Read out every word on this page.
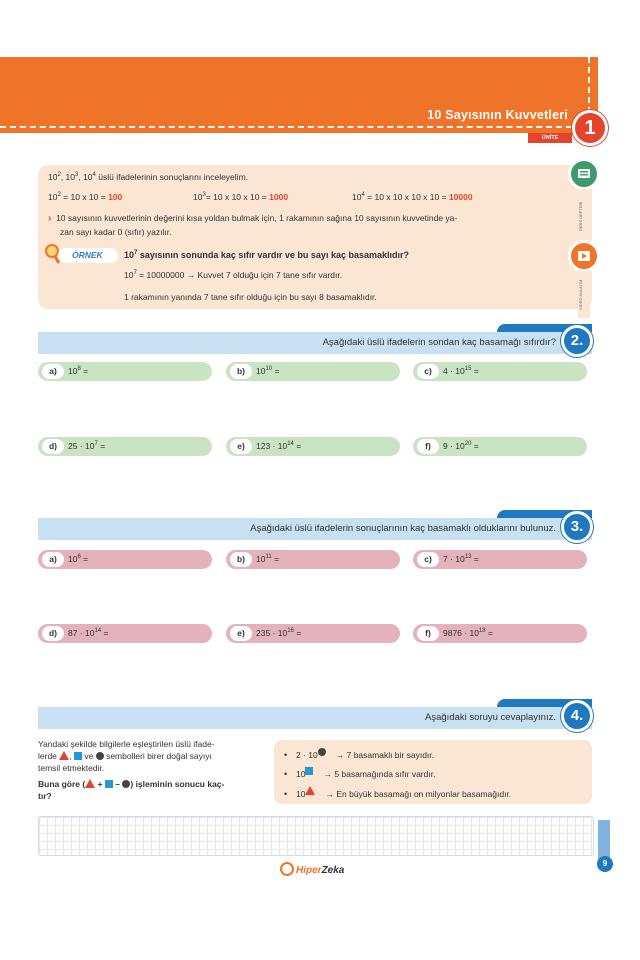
10 Sayısının Kuvvetleri
ÜNİTE	1
$10^2$, $10^3$, $10^4$ üslü ifadelerinin sonuçlarını inceleyelim.
$10^2 = 10$ x 10 = 100	$10^3= 10$ x 10 x 10 = 1000	$10^4 = 10$ x 10 x 10 x 10 = 10000
› 10 sayısının kuvvetlerinin değerini kısa yoldan bulmak için, 1 rakamının sağına 10 sayısının kuvvetinde ya-
zan sayı kadar 0 (sıfır) yazılır.
ÖRNEK	$10^7$ sayısının sonunda kaç sıfır vardır ve bu sayı kaç basamaklıdır?
$10^7 = 10000000$ → Kuvvet 7 olduğu için 7 tane sıfır vardır.
1 rakamının yanında 7 tane sıfır olduğu için bu sayı 8 basamaklıdır.
DERS DEFTERİ
VİDEO ANLATIM
Aşağıdaki üslü ifadelerin sondan kaç basamağı sıfırdır? 2.
a)	$10^8$ =	b)	$10^{10}$ =	c)	$4 \cdot 10^{15}$ =
d)	$25 \cdot 10^7$ =	e)	$123 \cdot 10^{14}$ =	f)	$9 \cdot 10^{20}$ =
Aşağıdaki üslü ifadelerin sonuçlarının kaç basamaklı olduklarını bulunuz. 3.
a)	$10^6$ =	b)	$10^{11}$ =	c)	$7 \cdot 10^{13}$ =
d)	$87 \cdot 10^{14}$ =	e)	$235 \cdot 10^{16}$ =	f)	$9876 \cdot 10^{18}$ =
Aşağıdaki soruyu cevaplayınız. 4.
Yandaki şekilde bilgilerle eşleştirilen üslü ifade-
lerde ,  ve  sembolleri birer doğal sayıyı
temsil etmektedir.
Buna göre ( +  – ) işleminin sonucu kaç-
tır?
• 2 · 10 → 7 basamaklı bir sayıdır.
• 10 → 5 basamağında sıfır vardır.
• 10 → En büyük basamağı on milyonlar basamağıdır.
9
HiperZeka
